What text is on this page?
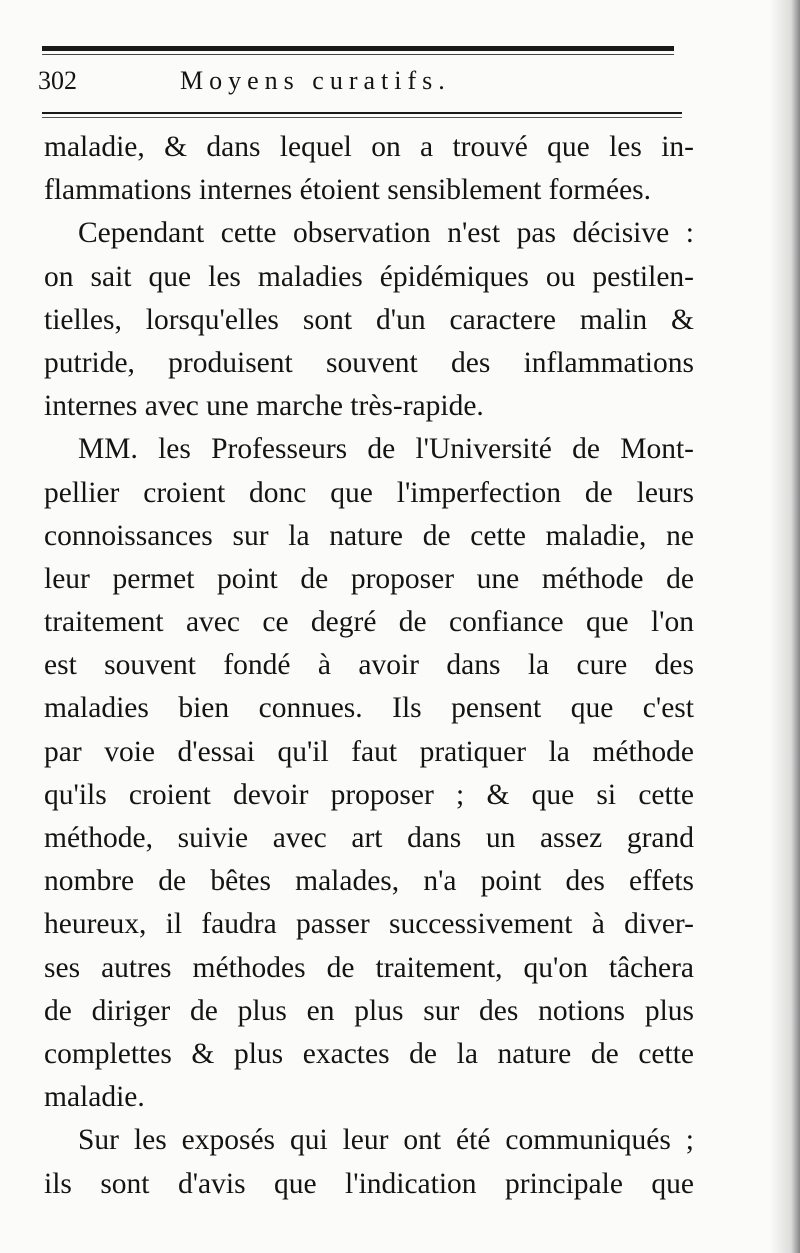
302	Moyens curatifs.
maladie, & dans lequel on a trouvé que les in-
flammations internes étoient sensiblement formées.
Cependant cette observation n'est pas décisive :
on sait que les maladies épidémiques ou pestilen-
tielles, lorsqu'elles sont d'un caractere malin &
putride, produisent souvent des inflammations
internes avec une marche très-rapide.
MM. les Professeurs de l'Université de Mont-
pellier croient donc que l'imperfection de leurs
connoissances sur la nature de cette maladie, ne
leur permet point de proposer une méthode de
traitement avec ce degré de confiance que l'on
est souvent fondé à avoir dans la cure des
maladies bien connues. Ils pensent que c'est
par voie d'essai qu'il faut pratiquer la méthode
qu'ils croient devoir proposer ; & que si cette
méthode, suivie avec art dans un assez grand
nombre de bêtes malades, n'a point des effets
heureux, il faudra passer successivement à diver-
ses autres méthodes de traitement, qu'on tâchera
de diriger de plus en plus sur des notions plus
complettes & plus exactes de la nature de cette
maladie.
Sur les exposés qui leur ont été communiqués ;
ils sont d'avis que l'indication principale que
